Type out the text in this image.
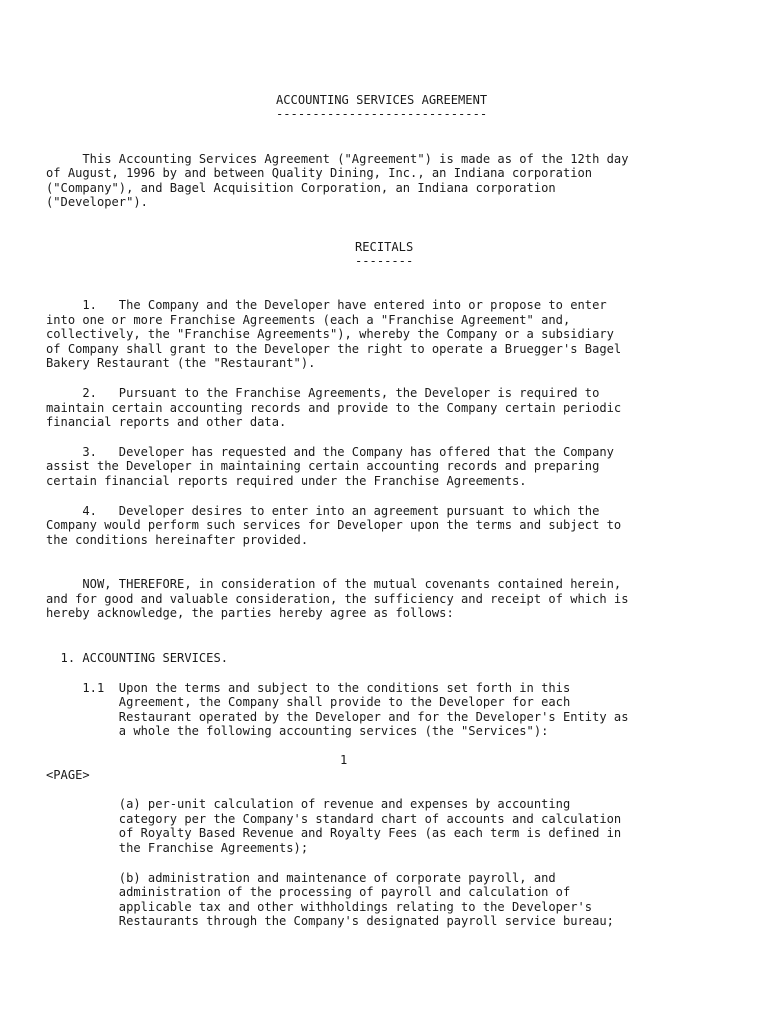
ACCOUNTING SERVICES AGREEMENT
-----------------------------
This Accounting Services Agreement ("Agreement") is made as of the 12th day
of August, 1996 by and between Quality Dining, Inc., an Indiana corporation
("Company"), and Bagel Acquisition Corporation, an Indiana corporation
("Developer").
RECITALS
--------
1.   The Company and the Developer have entered into or propose to enter
into one or more Franchise Agreements (each a "Franchise Agreement" and,
collectively, the "Franchise Agreements"), whereby the Company or a subsidiary
of Company shall grant to the Developer the right to operate a Bruegger's Bagel
Bakery Restaurant (the "Restaurant").
2.   Pursuant to the Franchise Agreements, the Developer is required to
maintain certain accounting records and provide to the Company certain periodic
financial reports and other data.
3.   Developer has requested and the Company has offered that the Company
assist the Developer in maintaining certain accounting records and preparing
certain financial reports required under the Franchise Agreements.
4.   Developer desires to enter into an agreement pursuant to which the
Company would perform such services for Developer upon the terms and subject to
the conditions hereinafter provided.
NOW, THEREFORE, in consideration of the mutual covenants contained herein,
and for good and valuable consideration, the sufficiency and receipt of which is
hereby acknowledge, the parties hereby agree as follows:
1. ACCOUNTING SERVICES.
1.1  Upon the terms and subject to the conditions set forth in this
Agreement, the Company shall provide to the Developer for each
Restaurant operated by the Developer and for the Developer's Entity as
a whole the following accounting services (the "Services"):
1
<PAGE>
(a) per-unit calculation of revenue and expenses by accounting
category per the Company's standard chart of accounts and calculation
of Royalty Based Revenue and Royalty Fees (as each term is defined in
the Franchise Agreements);
(b) administration and maintenance of corporate payroll, and
administration of the processing of payroll and calculation of
applicable tax and other withholdings relating to the Developer's
Restaurants through the Company's designated payroll service bureau;
